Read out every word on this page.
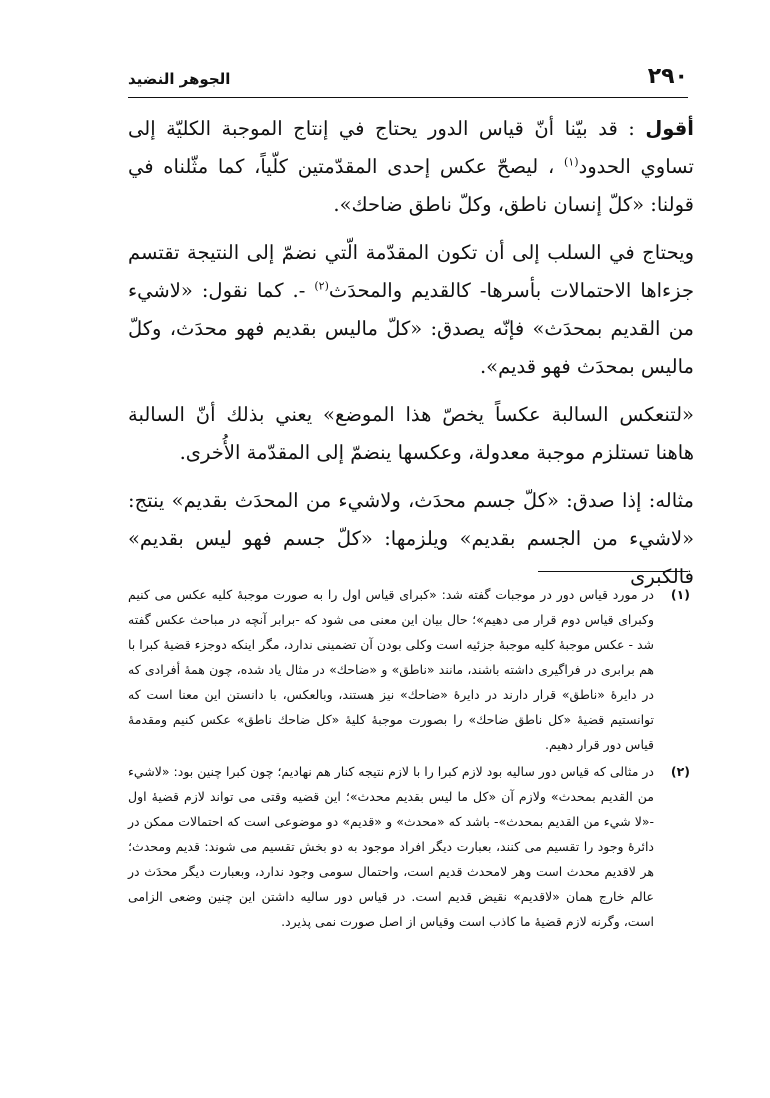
الجوهر النضيد	٢٩٠

أقول : قد بيّنا أنّ قياس الدور يحتاج في إنتاج الموجبة الكليّة إلى تساوي الحدود$^{(١)}$ ، ليصحّ عكس إحدى المقدّمتين كلّياً، كما مثّلناه في قولنا: «كلّ إنسان ناطق، وكلّ ناطق ضاحك».

ويحتاج في السلب إلى أن تكون المقدّمة الّتي نضمّ إلى النتيجة تقتسم جزءاها الاحتمالات بأسرها- كالقديم والمحدَث$^{(٢)}$ -. كما نقول: «لاشيء من القديم بمحدَث» فإنّه يصدق: «كلّ ماليس بقديم فهو محدَث، وكلّ ماليس بمحدَث فهو قديم».

«لتنعكس السالبة عكساً يخصّ هذا الموضع» يعني بذلك أنّ السالبة هاهنا تستلزم موجبة معدولة، وعكسها ينضمّ إلى المقدّمة الأُخرى.

مثاله: إذا صدق: «كلّ جسم محدَث، ولاشيء من المحدَث بقديم» ينتج: «لاشيء من الجسم بقديم» ويلزمها: «كلّ جسم فهو ليس بقديم» فالكبرى

(١)
در مورد قياس دور در موجبات گفته شد: «كبراى قياس اول را به صورت موجبهٔ كليه عكس مى كنيم وكبراى قياس دوم قرار مى دهيم»؛ حال بيان اين معنى مى شود كه -برابر آنچه در مباحث عكس گفته شد - عكس موجبهٔ كليه موجبهٔ جزئيه است وكلى بودن آن تضمينى ندارد، مگر اينكه دوجزء قضيهٔ كبرا با هم برابرى در فراگيرى داشته باشند، مانند «ناطق» و «ضاحك» در مثال ياد شده، چون همهٔ أفرادى كه در دايرهٔ «ناطق» قرار دارند در دايرهٔ «ضاحك» نيز هستند، وبالعكس، با دانستن اين معنا است كه توانستيم قضيهٔ «كل ناطق ضاحك» را بصورت موجبهٔ كليهٔ «كل ضاحك ناطق» عكس كنيم ومقدمهٔ قياس دور قرار دهيم.
(٢)
در مثالى كه قياس دور ساليه بود لازم كبرا را با لازم نتيجه كنار هم نهاديم؛ چون كبرا چنين بود: «لاشيء من القديم بمحدث» ولازم آن «كل ما ليس بقديم محدث»؛ اين قضيه وقتى مى تواند لازم قضيهٔ اول -«لا شيء من القديم بمحدث»- باشد كه «محدث» و «قديم» دو موضوعى است كه احتمالات ممكن در دائرهٔ وجود را تقسيم مى كنند، بعبارت ديگر افراد موجود به دو بخش تقسيم مى شوند: قديم ومحدث؛ هر لاقديم محدث است وهر لامحدث قديم است، واحتمال سومى وجود ندارد، وبعبارت ديگر محدَث در عالم خارج همان «لاقديم» نقيض قديم است. در قياس دور ساليه داشتن اين چنين وضعى الزامى است، وگرنه لازم قضيهٔ ما كاذب است وقياس از اصل صورت نمى پذيرد.
